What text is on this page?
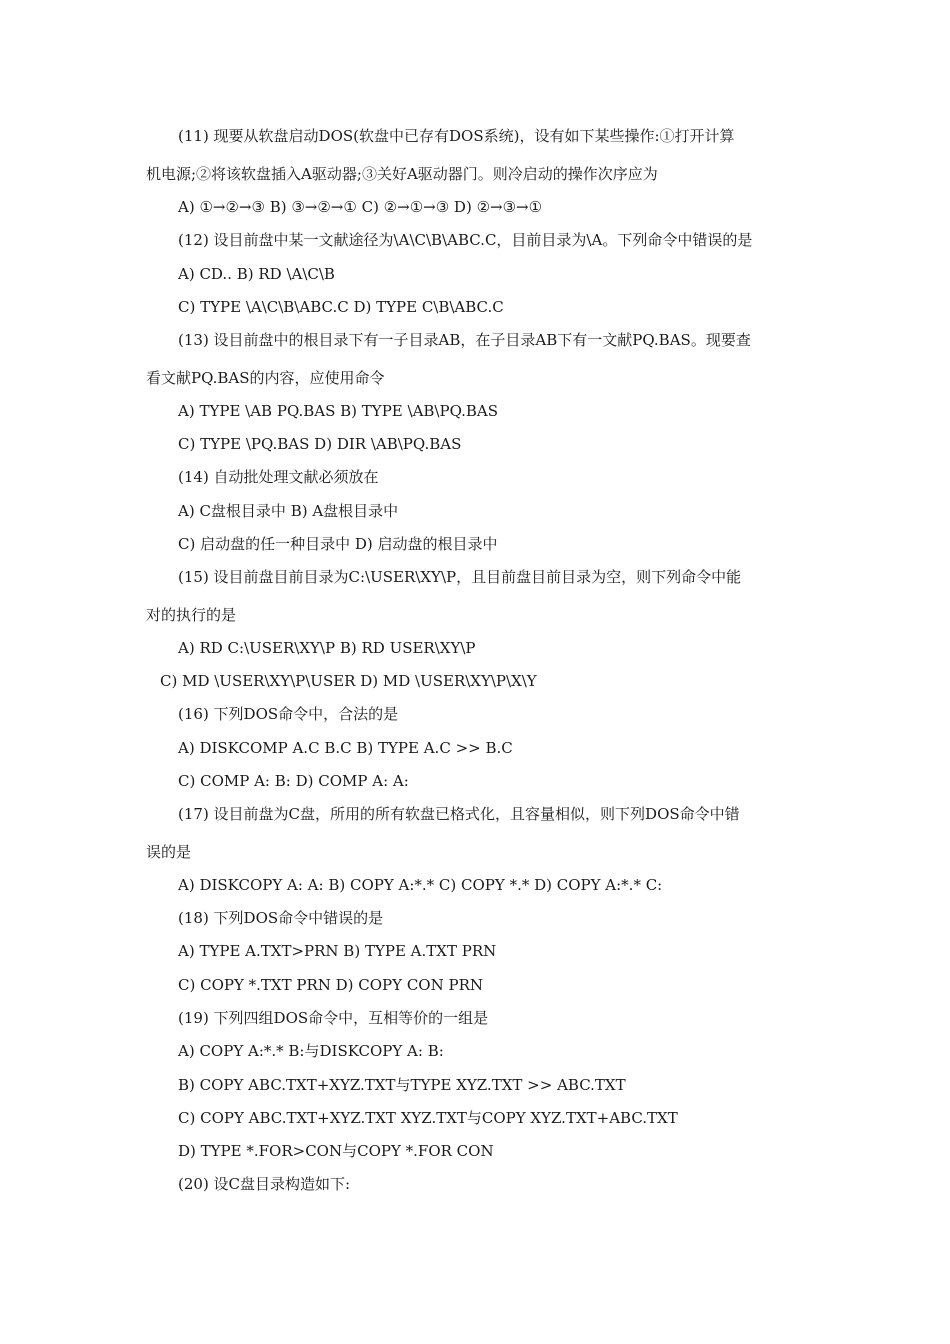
(11) 现要从软盘启动DOS(软盘中已存有DOS系统)，设有如下某些操作:①打开计算
机电源;②将该软盘插入A驱动器;③关好A驱动器门。则冷启动的操作次序应为
A) ①→②→③ B) ③→②→① C) ②→①→③ D) ②→③→①
(12) 设目前盘中某一文献途径为\A\C\B\ABC.C，目前目录为\A。下列命令中错误的是
A) CD.. B) RD \A\C\B
C) TYPE \A\C\B\ABC.C D) TYPE C\B\ABC.C
(13) 设目前盘中的根目录下有一子目录AB，在子目录AB下有一文献PQ.BAS。现要查
看文献PQ.BAS的内容，应使用命令
A) TYPE \AB PQ.BAS B) TYPE \AB\PQ.BAS
C) TYPE \PQ.BAS D) DIR \AB\PQ.BAS
(14) 自动批处理文献必须放在
A) C盘根目录中 B) A盘根目录中
C) 启动盘的任一种目录中 D) 启动盘的根目录中
(15) 设目前盘目前目录为C:\USER\XY\P，且目前盘目前目录为空，则下列命令中能
对的执行的是
A) RD C:\USER\XY\P B) RD USER\XY\P
C) MD \USER\XY\P\USER D) MD \USER\XY\P\X\Y
(16) 下列DOS命令中，合法的是
A) DISKCOMP A.C B.C B) TYPE A.C >> B.C
C) COMP A: B: D) COMP A: A:
(17) 设目前盘为C盘，所用的所有软盘已格式化，且容量相似，则下列DOS命令中错
误的是
A) DISKCOPY A: A: B) COPY A:*.* C) COPY *.* D) COPY A:*.* C:
(18) 下列DOS命令中错误的是
A) TYPE A.TXT>PRN B) TYPE A.TXT PRN
C) COPY *.TXT PRN D) COPY CON PRN
(19) 下列四组DOS命令中，互相等价的一组是
A) COPY A:*.* B:与DISKCOPY A: B:
B) COPY ABC.TXT+XYZ.TXT与TYPE XYZ.TXT >> ABC.TXT
C) COPY ABC.TXT+XYZ.TXT XYZ.TXT与COPY XYZ.TXT+ABC.TXT
D) TYPE *.FOR>CON与COPY *.FOR CON
(20) 设C盘目录构造如下:
